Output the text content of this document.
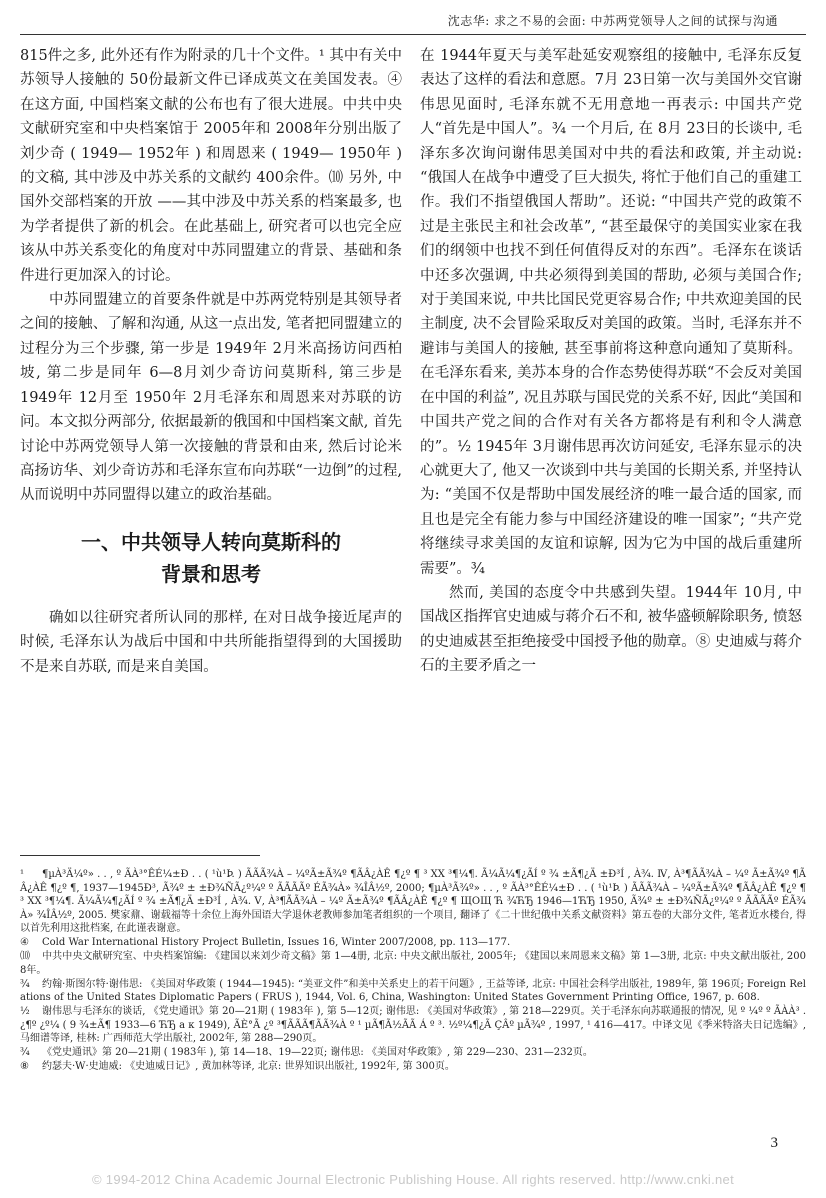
沈志华: 求之不易的会面: 中苏两党领导人之间的试探与沟通

815件之多, 此外还有作为附录的几十个文件。¹ 其中有关中苏领导人接触的 50份最新文件已译成英文在美国发表。④ 在这方面, 中国档案文献的公布也有了很大进展。中共中央文献研究室和中央档案馆于 2005年和 2008年分别出版了刘少奇 ( 1949— 1952年 ) 和周恩来 ( 1949— 1950年 ) 的文稿, 其中涉及中苏关系的文献约 400余件。⑽ 另外, 中国外交部档案的开放 ——其中涉及中苏关系的档案最多, 也为学者提供了新的机会。在此基础上, 研究者可以也完全应该从中苏关系变化的角度对中苏同盟建立的背景、基础和条件进行更加深入的讨论。

中苏同盟建立的首要条件就是中苏两党特别是其领导者之间的接触、了解和沟通, 从这一点出发, 笔者把同盟建立的过程分为三个步骤, 第一步是 1949年 2月米高扬访问西柏坡, 第二步是同年 6—8月刘少奇访问莫斯科, 第三步是 1949年 12月至 1950年 2月毛泽东和周恩来对苏联的访问。本文拟分两部分, 依据最新的俄国和中国档案文献, 首先讨论中苏两党领导人第一次接触的背景和由来, 然后讨论米高扬访华、刘少奇访苏和毛泽东宣布向苏联“一边倒”的过程, 从而说明中苏同盟得以建立的政治基础。

一、中共领导人转向莫斯科的
背景和思考

确如以往研究者所认同的那样, 在对日战争接近尾声的时候, 毛泽东认为战后中国和中共所能指望得到的大国援助不是来自苏联, 而是来自美国。

在 1944年夏天与美军赴延安观察组的接触中, 毛泽东反复表达了这样的看法和意愿。7月 23日第一次与美国外交官谢伟思见面时, 毛泽东就不无用意地一再表示: 中国共产党人“首先是中国人”。¾ 一个月后, 在 8月 23日的长谈中, 毛泽东多次询问谢伟思美国对中共的看法和政策, 并主动说: “俄国人在战争中遭受了巨大损失, 将忙于他们自己的重建工作。我们不指望俄国人帮助”。还说: “中国共产党的政策不过是主张民主和社会改革”, “甚至最保守的美国实业家在我们的纲领中也找不到任何值得反对的东西”。毛泽东在谈话中还多次强调, 中共必须得到美国的帮助, 必须与美国合作; 对于美国来说, 中共比国民党更容易合作; 中共欢迎美国的民主制度, 决不会冒险采取反对美国的政策。当时, 毛泽东并不避讳与美国人的接触, 甚至事前将这种意向通知了莫斯科。在毛泽东看来, 美苏本身的合作态势使得苏联“不会反对美国在中国的利益”, 况且苏联与国民党的关系不好, 因此“美国和中国共产党之间的合作对有关各方都将是有利和令人满意的”。½ 1945年 3月谢伟思再次访问延安, 毛泽东显示的决心就更大了, 他又一次谈到中共与美国的长期关系, 并坚持认为: “美国不仅是帮助中国发展经济的唯一最合适的国家, 而且也是完全有能力参与中国经济建设的唯一国家”; “共产党将继续寻求美国的友谊和谅解, 因为它为中国的战后重建所需要”。¾

然而, 美国的态度令中共感到失望。1944年 10月, 中国战区指挥官史迪威与蒋介石不和, 被华盛顿解除职务, 愤怒的史迪威甚至拒绝接受中国授予他的勋章。⑧ 史迪威与蒋介石的主要矛盾之一

¹ ¶µÀ³Ä¼º» . . , º ÃÀ³°ÊÉ¼±Ð . . ( ¹ù¹Þ. ) ÃÃÃ¾À – ¼ºÃ±Ã¾º ¶ÃÂ¿ÀÊ ¶¿º ¶ ³ XX ³¶¼¶. Ã¼Ã¼¶¿ÃÍ º ¾ ±Ã¶¿Ä ±Ð³Í , À¾. Ⅳ, À³¶ÃÃ¾À – ¼º Ã±Ã¾º ¶ÃÂ¿ÀÊ ¶¿º ¶, 1937—1945Ð³, Ã¾º ± ±Ð¾ÑÃ¿º¼º º ÃÃÃÃº ÉÃ¾À» ¾ÎÂ½º, 2000; ¶µÀ³Ã¾º» . . , º ÃÀ³°ÊÉ¼±Ð . . ( ¹ù¹Þ. ) ÃÃÃ¾À – ¼ºÃ±Ã¾º ¶ÃÂ¿ÀÊ ¶¿º ¶ ³ XX ³¶¼¶. Ã¼Ã¼¶¿ÃÍ º ¾ ±Ã¶¿Ä ±Ð³Í , À¾. Ⅴ, À³¶ÃÃ¾À – ¼º Ã±Ã¾º ¶ÃÂ¿ÀÊ ¶¿º ¶ ЩОЩ Ћ ¾ЋЂ 1946—1ЋЂ 1950, Ã¾º ± ±Ð¾ÑÃ¿º¼º º ÃÃÃÃº ÉÃ¾À» ¾ÎÂ½º, 2005. 樊家鼐、谢载福等十余位上海外国语大学退休老教师参加笔者组织的一个项目, 翻译了《二十世纪俄中关系文献资料》第五卷的大部分文件, 笔者近水楼台, 得以首先利用这批档案, 在此谨表谢意。

④ Cold War International History Project Bulletin, Issues 16, Winter 2007/2008, pp. 113—177.

⑽ 中共中央文献研究室、中央档案馆编: 《建国以来刘少奇文稿》第 1—4册, 北京: 中央文献出版社, 2005年; 《建国以来周恩来文稿》第 1—3册, 北京: 中央文献出版社, 2008年。

¾ 约翰·斯图尔特·谢伟思: 《美国对华政策 ( 1944—1945): “美亚文件”和美中关系史上的若干问题》, 王益等译, 北京: 中国社会科学出版社, 1989年, 第 196页; Foreign Relations of the United States Diplomatic Papers ( FRUS ), 1944, Vol. 6, China, Washington: United States Government Printing Office, 1967, p. 608.

½ 谢伟思与毛泽东的谈话, 《党史通讯》第 20—21期 ( 1983年 ), 第 5—12页; 谢伟思: 《美国对华政策》, 第 218—229页。关于毛泽东向苏联通报的情况, 见 º ¼º º ÃÀÀ³ . ¿¶º ¿º¼ ( 9 ¾±Ã¶ 1933—6 ЋЂ a к 1949), ÃÈ°Ã ¿º ³¶ÃÃÃ¶ÃÃ¾À º ¹ µÃ¶Ã½ÃÃ Á º ³. ½º¼¶¿Ã ÇÂº µÃ¾º , 1997, ¹ 416—417。中译文见《季米特洛夫日记选编》, 马细谱等译, 桂林: 广西师范大学出版社, 2002年, 第 288—290页。

¾ 《党史通讯》第 20—21期 ( 1983年 ), 第 14—18、19—22页; 谢伟思: 《美国对华政策》, 第 229—230、231—232页。

⑧ 约瑟夫·W·史迪威: 《史迪威日记》, 黄加林等译, 北京: 世界知识出版社, 1992年, 第 300页。

3
© 1994-2012 China Academic Journal Electronic Publishing House. All rights reserved. http://www.cnki.net
